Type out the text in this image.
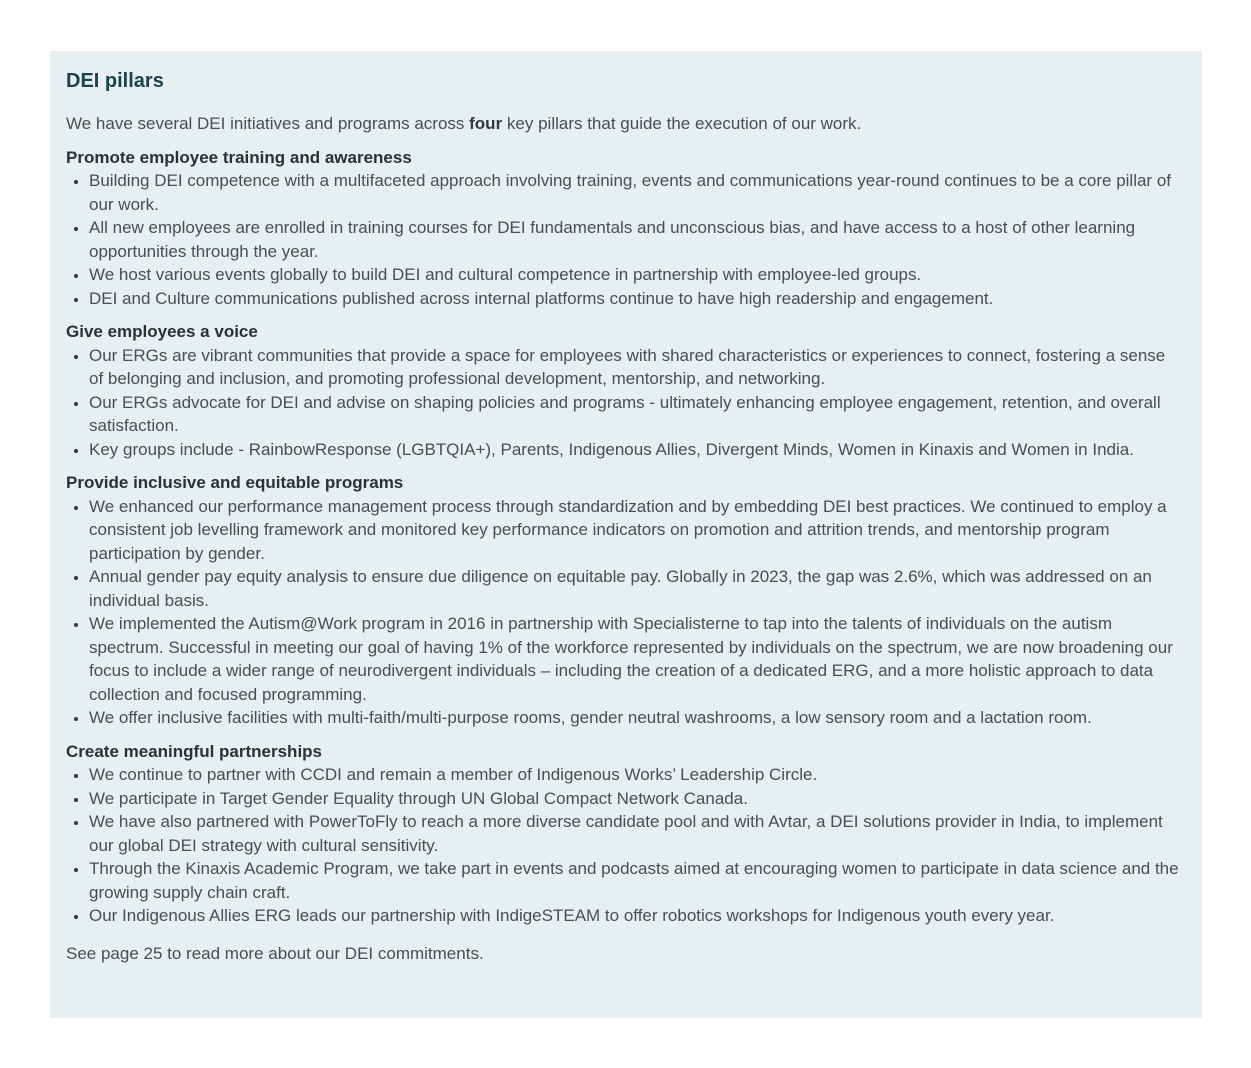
DEI pillars

We have several DEI initiatives and programs across four key pillars that guide the execution of our work.

Promote employee training and awareness
• Building DEI competence with a multifaceted approach involving training, events and communications year-round continues to be a core pillar of our work.
• All new employees are enrolled in training courses for DEI fundamentals and unconscious bias, and have access to a host of other learning opportunities through the year.
• We host various events globally to build DEI and cultural competence in partnership with employee-led groups.
• DEI and Culture communications published across internal platforms continue to have high readership and engagement.
Give employees a voice
• Our ERGs are vibrant communities that provide a space for employees with shared characteristics or experiences to connect, fostering a sense of belonging and inclusion, and promoting professional development, mentorship, and networking.
• Our ERGs advocate for DEI and advise on shaping policies and programs - ultimately enhancing employee engagement, retention, and overall satisfaction.
• Key groups include - RainbowResponse (LGBTQIA+), Parents, Indigenous Allies, Divergent Minds, Women in Kinaxis and Women in India.
Provide inclusive and equitable programs
• We enhanced our performance management process through standardization and by embedding DEI best practices. We continued to employ a consistent job levelling framework and monitored key performance indicators on promotion and attrition trends, and mentorship program participation by gender.
• Annual gender pay equity analysis to ensure due diligence on equitable pay. Globally in 2023, the gap was 2.6%, which was addressed on an individual basis.
• We implemented the Autism@Work program in 2016 in partnership with Specialisterne to tap into the talents of individuals on the autism spectrum. Successful in meeting our goal of having 1% of the workforce represented by individuals on the spectrum, we are now broadening our focus to include a wider range of neurodivergent individuals – including the creation of a dedicated ERG, and a more holistic approach to data collection and focused programming.
• We offer inclusive facilities with multi-faith/multi-purpose rooms, gender neutral washrooms, a low sensory room and a lactation room.
Create meaningful partnerships
• We continue to partner with CCDI and remain a member of Indigenous Works’ Leadership Circle.
• We participate in Target Gender Equality through UN Global Compact Network Canada.
• We have also partnered with PowerToFly to reach a more diverse candidate pool and with Avtar, a DEI solutions provider in India, to implement our global DEI strategy with cultural sensitivity.
• Through the Kinaxis Academic Program, we take part in events and podcasts aimed at encouraging women to participate in data science and the growing supply chain craft.
• Our Indigenous Allies ERG leads our partnership with IndigeSTEAM to offer robotics workshops for Indigenous youth every year.

See page 25 to read more about our DEI commitments.
